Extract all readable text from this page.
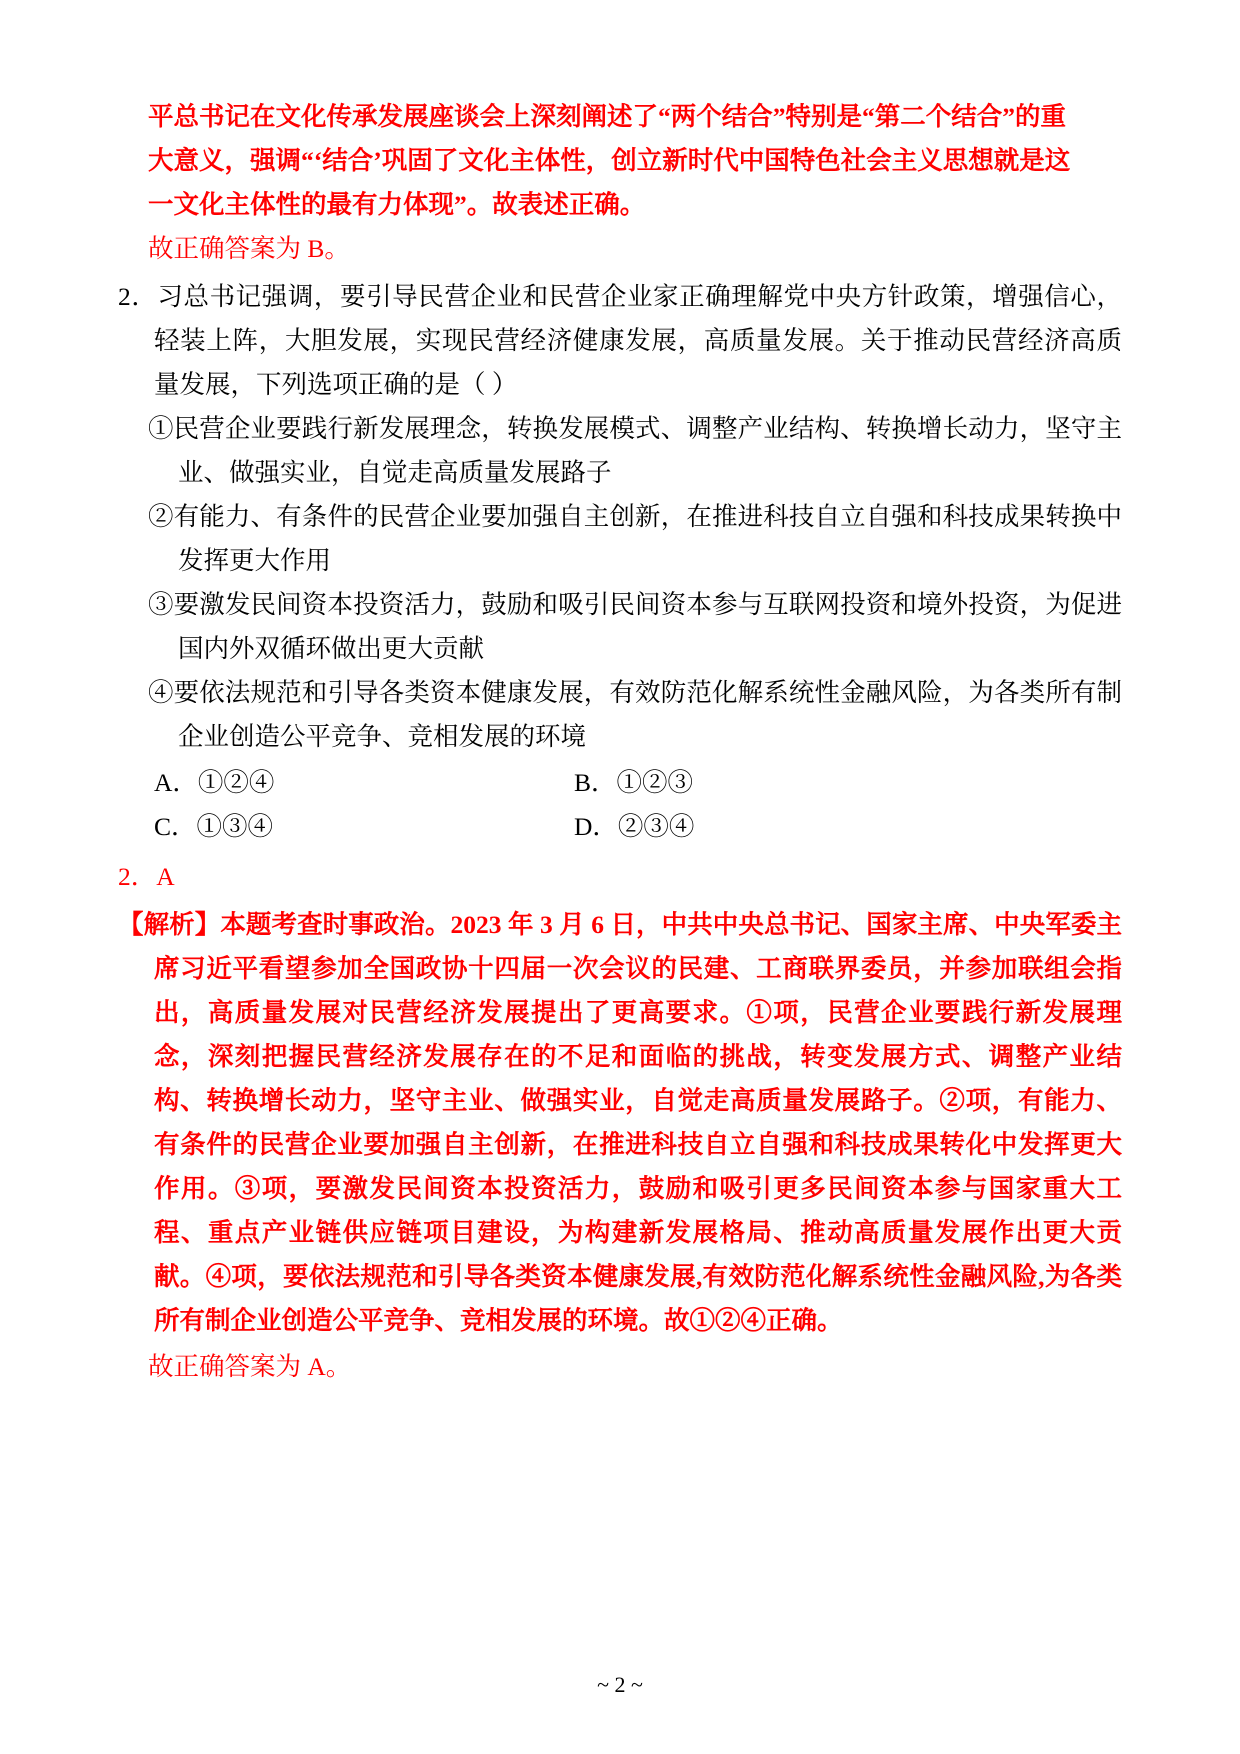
平总书记在文化传承发展座谈会上深刻阐述了“两个结合”特别是“第二个结合”的重

大意义，强调“‘结合’巩固了文化主体性，创立新时代中国特色社会主义思想就是这

一文化主体性的最有力体现”。故表述正确。

故正确答案为 B。

2．习总书记强调，要引导民营企业和民营企业家正确理解党中央方针政策，增强信心，轻装上阵，大胆发展，实现民营经济健康发展，高质量发展。关于推动民营经济高质量发展，下列选项正确的是（ ）

①民营企业要践行新发展理念，转换发展模式、调整产业结构、转换增长动力，坚守主业、做强实业，自觉走高质量发展路子

②有能力、有条件的民营企业要加强自主创新，在推进科技自立自强和科技成果转换中发挥更大作用

③要激发民间资本投资活力，鼓励和吸引民间资本参与互联网投资和境外投资，为促进国内外双循环做出更大贡献

④要依法规范和引导各类资本健康发展，有效防范化解系统性金融风险，为各类所有制企业创造公平竞争、竞相发展的环境

A．①②④	B．①②③
C．①③④	D．②③④

2．A

【解析】本题考查时事政治。2023 年 3 月 6 日，中共中央总书记、国家主席、中央军委主席习近平看望参加全国政协十四届一次会议的民建、工商联界委员，并参加联组会指出，高质量发展对民营经济发展提出了更高要求。①项，民营企业要践行新发展理念，深刻把握民营经济发展存在的不足和面临的挑战，转变发展方式、调整产业结构、转换增长动力，坚守主业、做强实业，自觉走高质量发展路子。②项，有能力、有条件的民营企业要加强自主创新，在推进科技自立自强和科技成果转化中发挥更大作用。③项，要激发民间资本投资活力，鼓励和吸引更多民间资本参与国家重大工程、重点产业链供应链项目建设，为构建新发展格局、推动高质量发展作出更大贡献。④项，要依法规范和引导各类资本健康发展,有效防范化解系统性金融风险,为各类所有制企业创造公平竞争、竞相发展的环境。故①②④正确。

故正确答案为 A。

~ 2 ~
